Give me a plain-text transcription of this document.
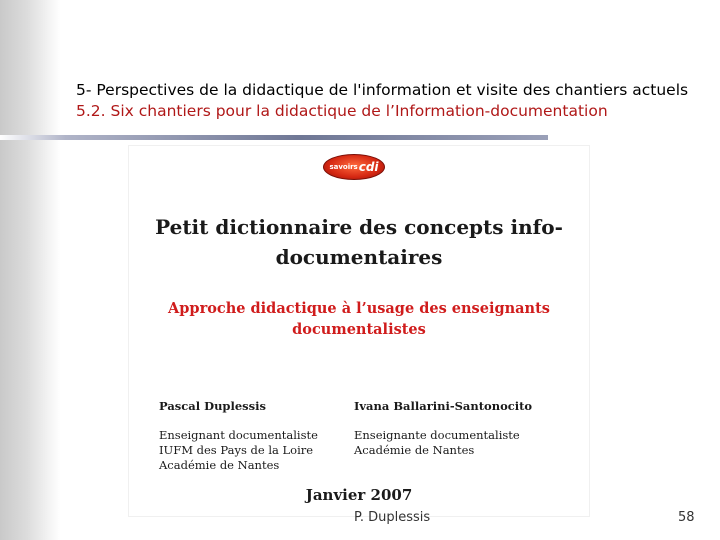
5- Perspectives de la didactique de l'information et visite des chantiers actuels
5.2. Six chantiers pour la didactique de l’Information-documentation
savoirs cdi
Petit dictionnaire des concepts info-
documentaires
Approche didactique à l’usage des enseignants
documentalistes
Pascal Duplessis
Enseignant documentaliste
IUFM des Pays de la Loire
Académie de Nantes
Ivana Ballarini-Santonocito
Enseignante documentaliste
Académie de Nantes
Janvier 2007
P. Duplessis	58
